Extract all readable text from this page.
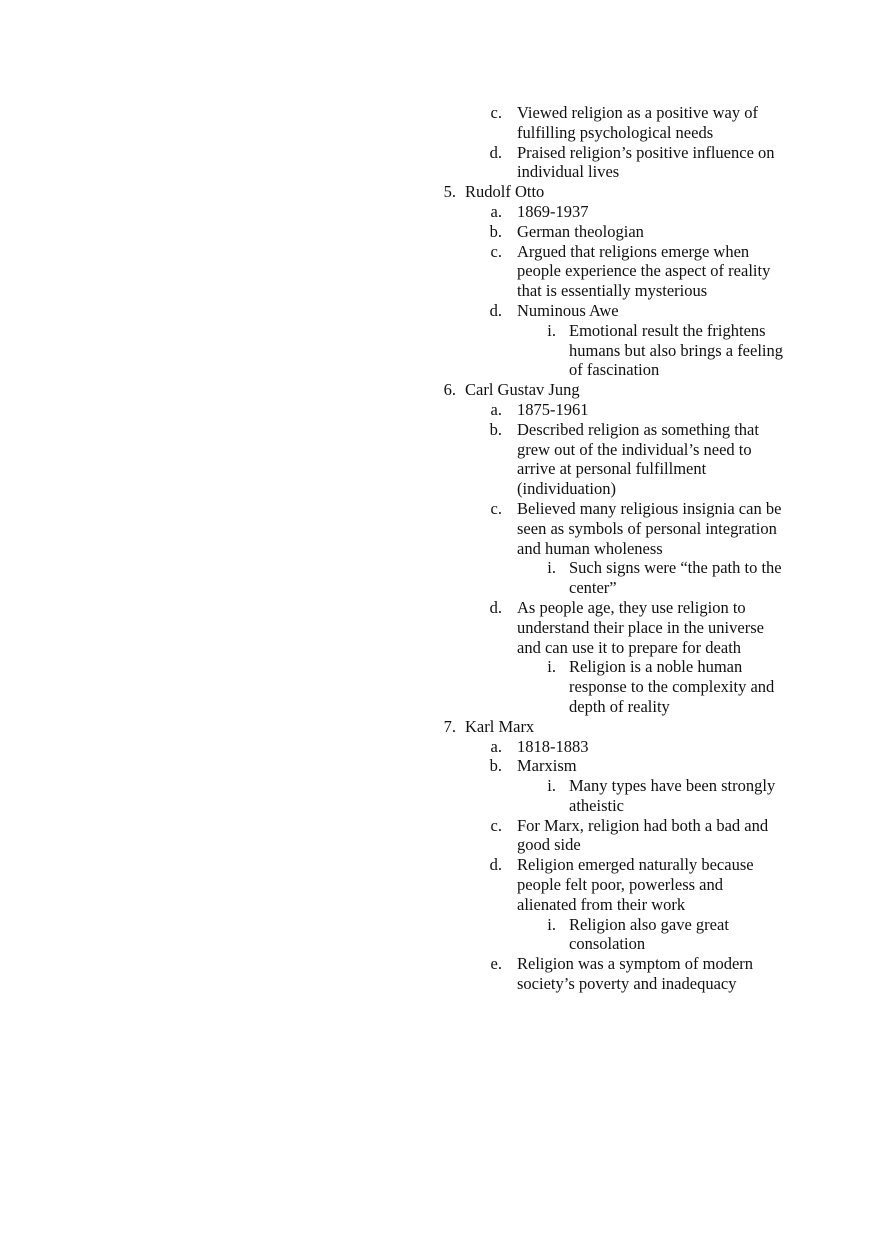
c. Viewed religion as a positive way of fulfilling psychological needs
d. Praised religion’s positive influence on individual lives
5. Rudolf Otto
a. 1869-1937
b. German theologian
c. Argued that religions emerge when people experience the aspect of reality that is essentially mysterious
d. Numinous Awe
i. Emotional result the frightens humans but also brings a feeling of fascination
6. Carl Gustav Jung
a. 1875-1961
b. Described religion as something that grew out of the individual’s need to arrive at personal fulfillment (individuation)
c. Believed many religious insignia can be seen as symbols of personal integration and human wholeness
i. Such signs were “the path to the center”
d. As people age, they use religion to understand their place in the universe and can use it to prepare for death
i. Religion is a noble human response to the complexity and depth of reality
7. Karl Marx
a. 1818-1883
b. Marxism
i. Many types have been strongly atheistic
c. For Marx, religion had both a bad and good side
d. Religion emerged naturally because people felt poor, powerless and alienated from their work
i. Religion also gave great consolation
e. Religion was a symptom of modern society’s poverty and inadequacy
